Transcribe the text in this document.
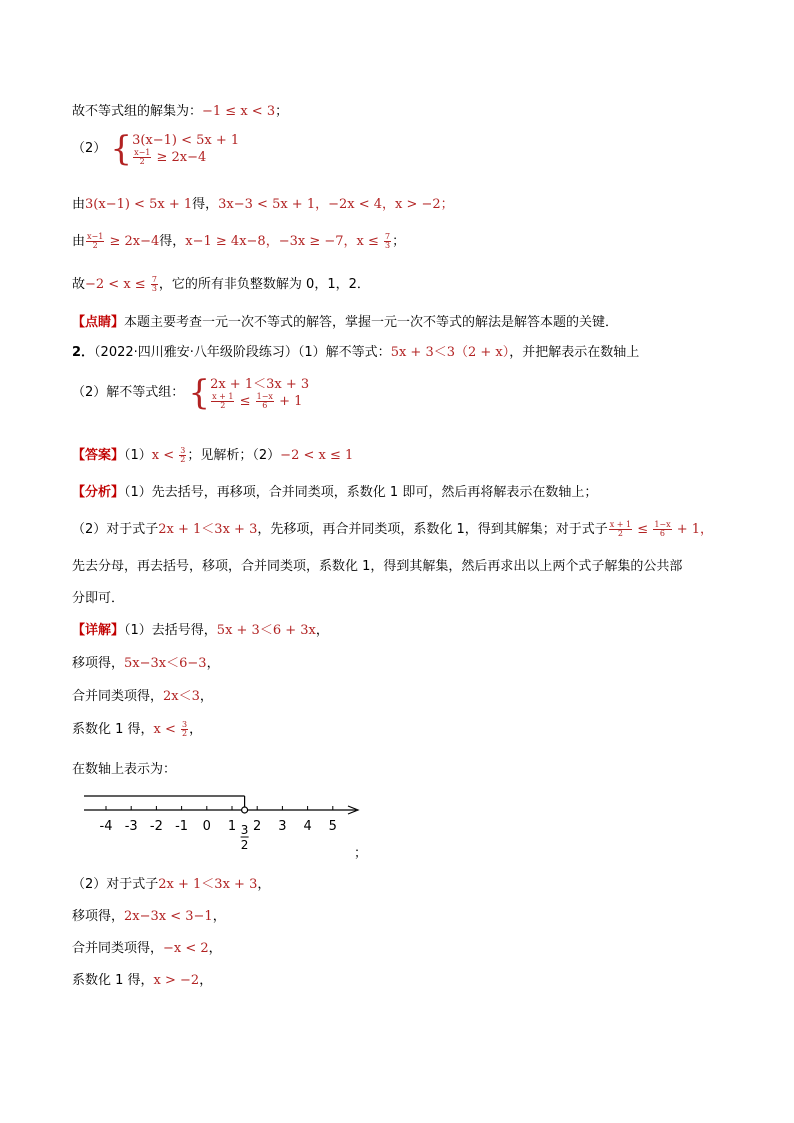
故不等式组的解集为：−1 ≤ x < 3；
（2） { 3(x−1) < 5x + 1
$\frac{x-1}{2} \ge 2x-4$
由3(x−1) < 5x + 1得，3x−3 < 5x + 1，−2x < 4，x > −2；
由 $\frac{x-1}{2} \ge 2x-4$得，x−1 ≥ 4x−8，−3x ≥ −7，$x \le \frac{7}{3}$ ；
故$-2 < x \le \frac{7}{3}$ ，它的所有非负整数解为 0，1，2．
【点睛】本题主要考查一元一次不等式的解答，掌握一元一次不等式的解法是解答本题的关键．
2．（2022·四川雅安·八年级阶段练习）（1）解不等式：5x + 3＜3（2 + x），并把解表示在数轴上
（2）解不等式组： { 2x + 1＜3x + 3
$\frac{x + 1}{2} \le \frac{1-x}{6} + 1$
【答案】$(1)x < \frac{3}{2}$ ；见解析；（2）−2 < x ≤ 1
【分析】（1）先去括号，再移项，合并同类项，系数化 1 即可，然后再将解表示在数轴上；
（2）对于式子2x + 1＜3x + 3，先移项，再合并同类项，系数化 1，得到其解集；对于式子 $\frac{x + 1}{2} \le \frac{1-x}{6} + 1$，
先去分母，再去括号，移项，合并同类项，系数化 1，得到其解集，然后再求出以上两个式子解集的公共部
分即可．
【详解】（1）去括号得，5x + 3＜6 + 3x，
移项得，5x−3x＜6−3，
合并同类项得，2x＜3，
系数化 1 得，$x < \frac{3}{2}$ ，
在数轴上表示为：
-4 -3 -2 -1 0 1 2 3 4 5
3
2
；
（2）对于式子2x + 1＜3x + 3，
移项得，2x−3x < 3−1，
合并同类项得，−x < 2，
系数化 1 得，x > −2，
